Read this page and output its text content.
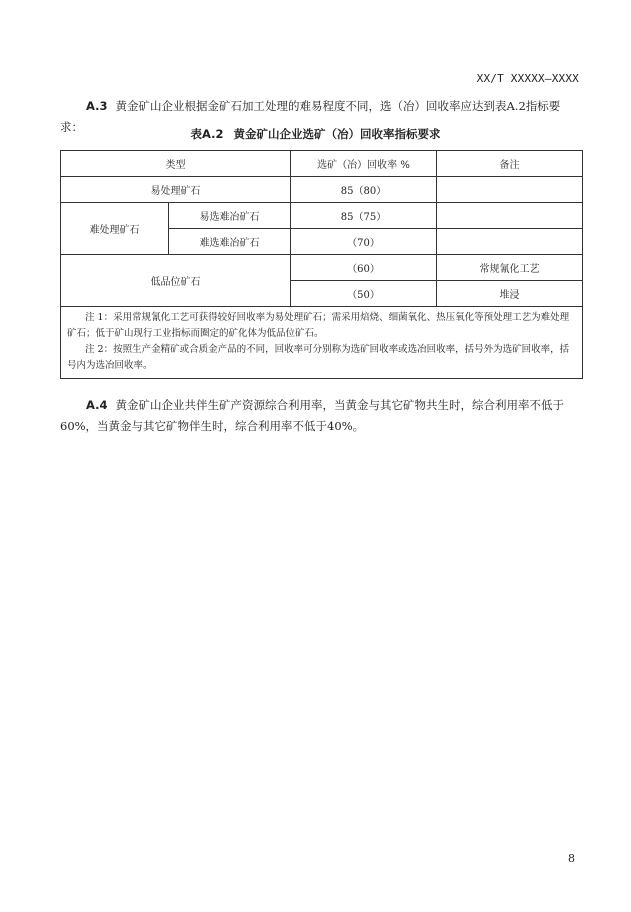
XX/T XXXXX—XXXX
A.3 黄金矿山企业根据金矿石加工处理的难易程度不同，选（冶）回收率应达到表A.2指标要求：	表A.2 黄金矿山企业选矿（冶）回收率指标要求
类型		选矿（冶）回收率 %	备注
易处理矿石		85（80）	
难处理矿石	易选难冶矿石	85（75）	
	难选难冶矿石	（70）	
低品位矿石		（60）	常规氰化工艺
		（50）	堆浸

注 1：采用常规氰化工艺可获得较好回收率为易处理矿石；需采用焙烧、细菌氧化、热压氧化等预处理工艺为难处理矿石；低于矿山现行工业指标而圈定的矿化体为低品位矿石。
注 2：按照生产金精矿或合质金产品的不同，回收率可分别称为选矿回收率或选冶回收率，括号外为选矿回收率，括号内为选冶回收率。			
A.4 黄金矿山企业共伴生矿产资源综合利用率，当黄金与其它矿物共生时，综合利用率不低于60%，当黄金与其它矿物伴生时，综合利用率不低于40%。
8
